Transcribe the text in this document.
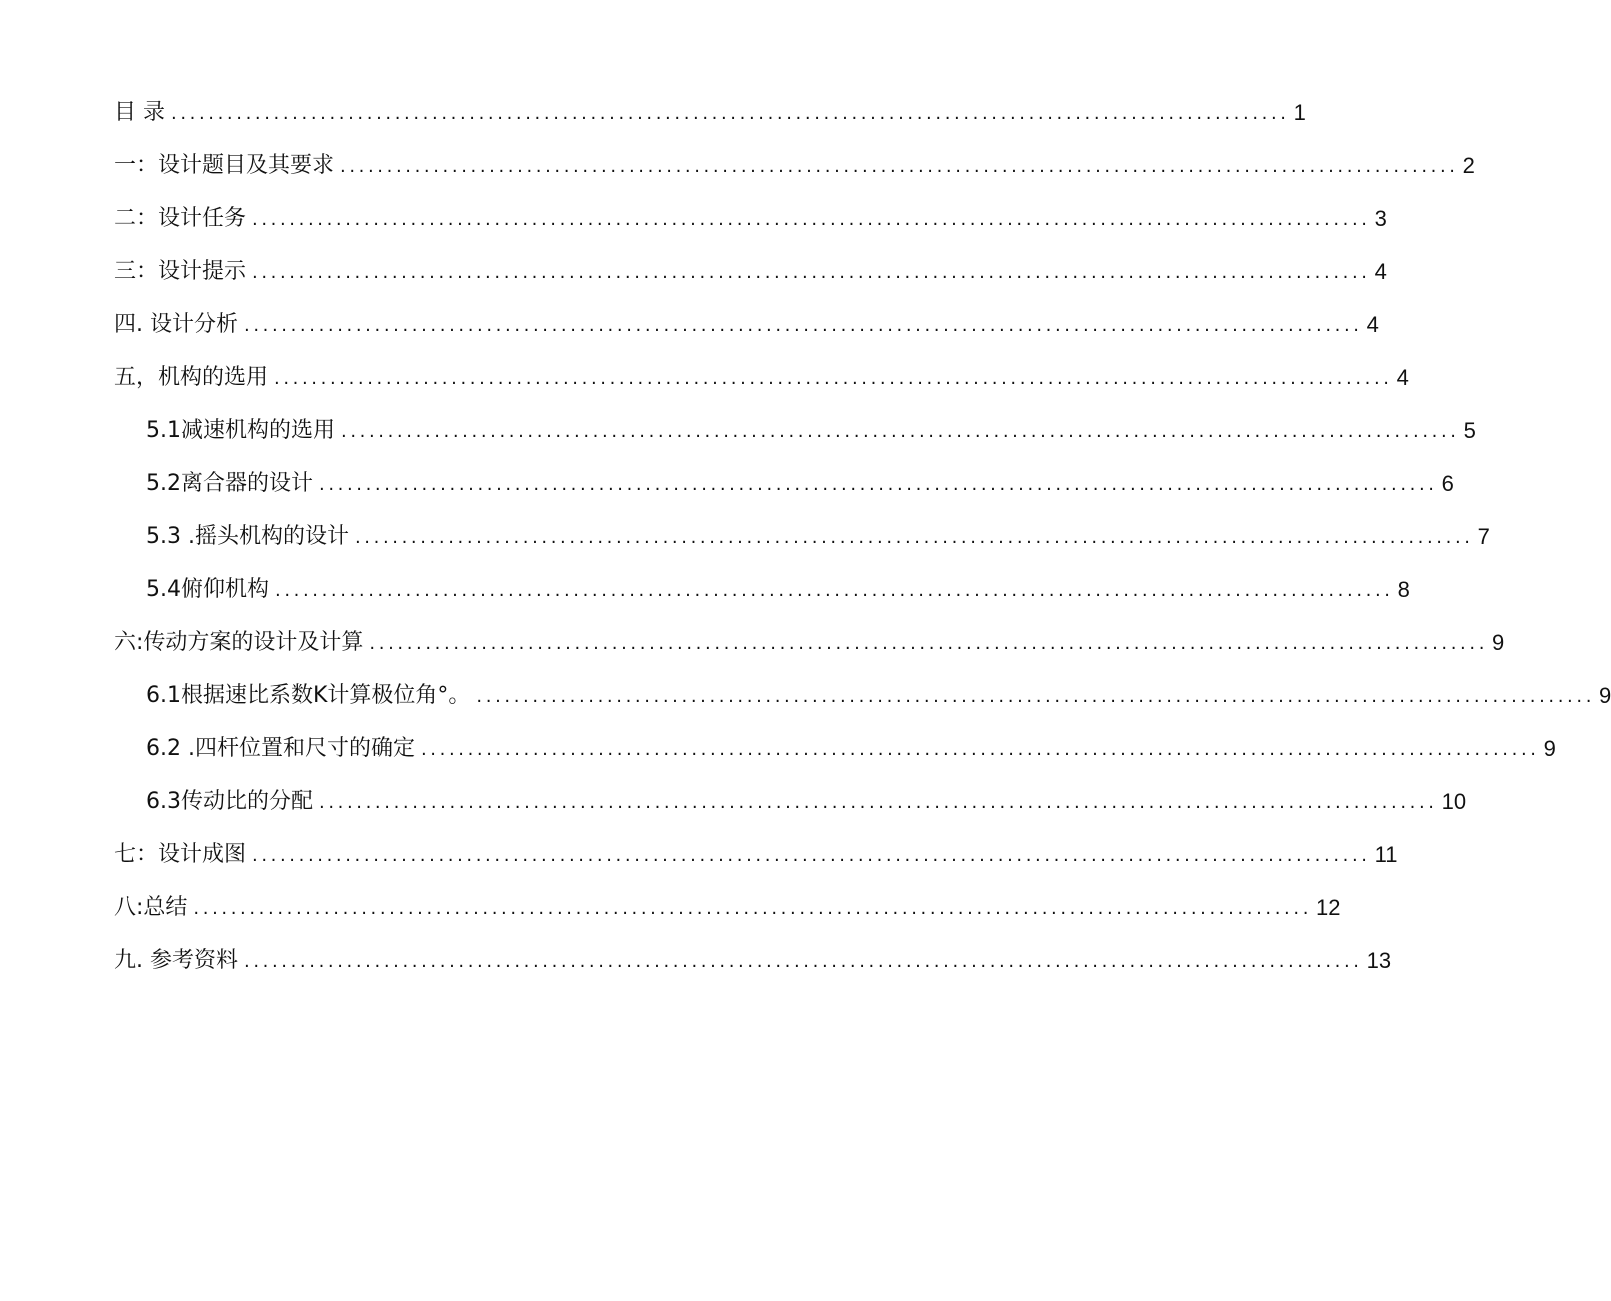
目 录 ........................................................................................................................ 1
一：设计题目及其要求 ........................................................................................................................ 2
二：设计任务 ........................................................................................................................ 3
三：设计提示 ........................................................................................................................ 4
四. 设计分析 ........................................................................................................................ 4
五，机构的选用 ........................................................................................................................ 4
5.1减速机构的选用 ........................................................................................................................ 5
5.2离合器的设计 ........................................................................................................................ 6
5.3 .摇头机构的设计 ........................................................................................................................ 7
5.4俯仰机构 ........................................................................................................................ 8
六:传动方案的设计及计算 ........................................................................................................................ 9
6.1根据速比系数K计算极位角°。 ........................................................................................................................ 9
6.2 .四杆位置和尺寸的确定 ........................................................................................................................ 9
6.3传动比的分配 ........................................................................................................................ 10
七：设计成图 ........................................................................................................................ 11
八:总结 ........................................................................................................................ 12
九. 参考资料 ........................................................................................................................ 13
